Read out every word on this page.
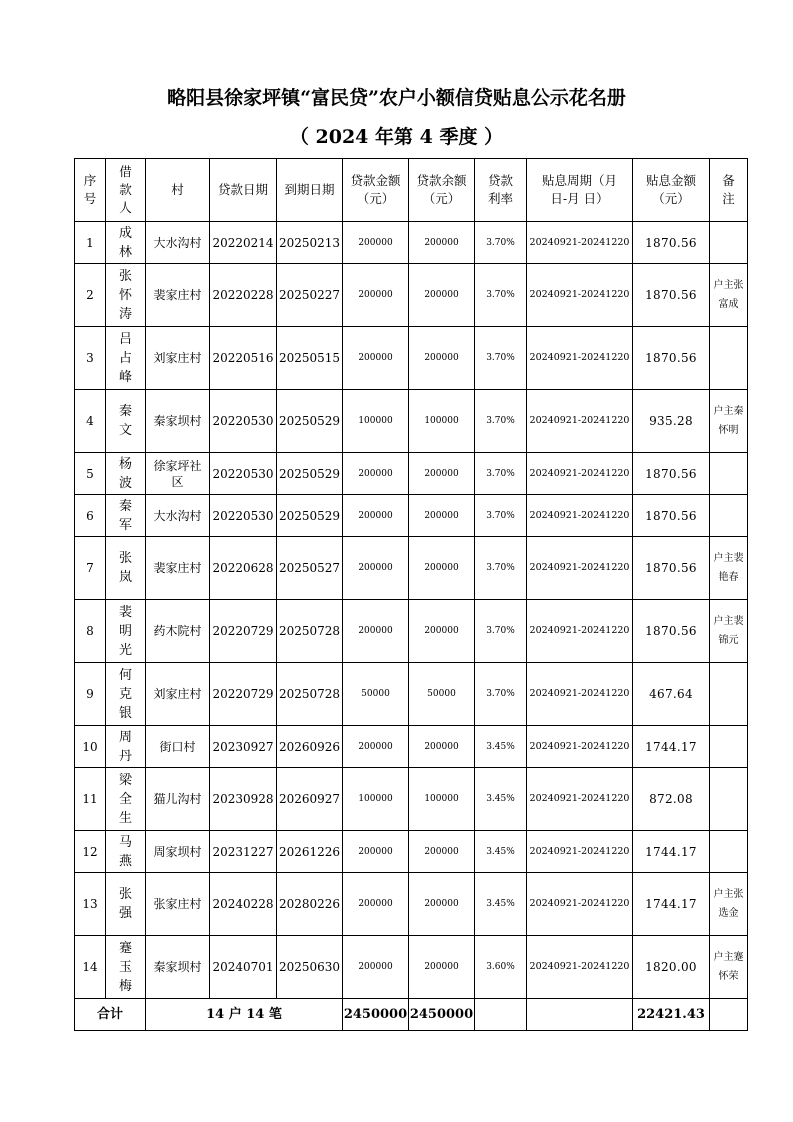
略阳县徐家坪镇“富民贷”农户小额信贷贴息公示花名册
（ 2024 年第 4 季度 ）
序号	借款人	村	贷款日期	到期日期	贷款金额（元）	贷款余额（元）	贷款利率	贴息周期（月 日-月 日）	贴息金额（元）	备注
1	成林	大水沟村	20220214	20250213	200000	200000	3.70%	20240921-20241220	1870.56	
2	张怀涛	裴家庄村	20220228	20250227	200000	200000	3.70%	20240921-20241220	1870.56	户主张富成
3	吕占峰	刘家庄村	20220516	20250515	200000	200000	3.70%	20240921-20241220	1870.56	
4	秦文	秦家坝村	20220530	20250529	100000	100000	3.70%	20240921-20241220	935.28	户主秦怀明
5	杨波	徐家坪社区	20220530	20250529	200000	200000	3.70%	20240921-20241220	1870.56	
6	秦军	大水沟村	20220530	20250529	200000	200000	3.70%	20240921-20241220	1870.56	
7	张岚	裴家庄村	20220628	20250527	200000	200000	3.70%	20240921-20241220	1870.56	户主裴艳春
8	裴明光	药木院村	20220729	20250728	200000	200000	3.70%	20240921-20241220	1870.56	户主裴锦元
9	何克银	刘家庄村	20220729	20250728	50000	50000	3.70%	20240921-20241220	467.64	
10	周丹	街口村	20230927	20260926	200000	200000	3.45%	20240921-20241220	1744.17	
11	梁全生	猫儿沟村	20230928	20260927	100000	100000	3.45%	20240921-20241220	872.08	
12	马燕	周家坝村	20231227	20261226	200000	200000	3.45%	20240921-20241220	1744.17	
13	张强	张家庄村	20240228	20280226	200000	200000	3.45%	20240921-20241220	1744.17	户主张选金
14	蹇玉梅	秦家坝村	20240701	20250630	200000	200000	3.60%	20240921-20241220	1820.00	户主蹇怀荣
合计		14 户 14 笔			2450000	2450000			22421.43	
